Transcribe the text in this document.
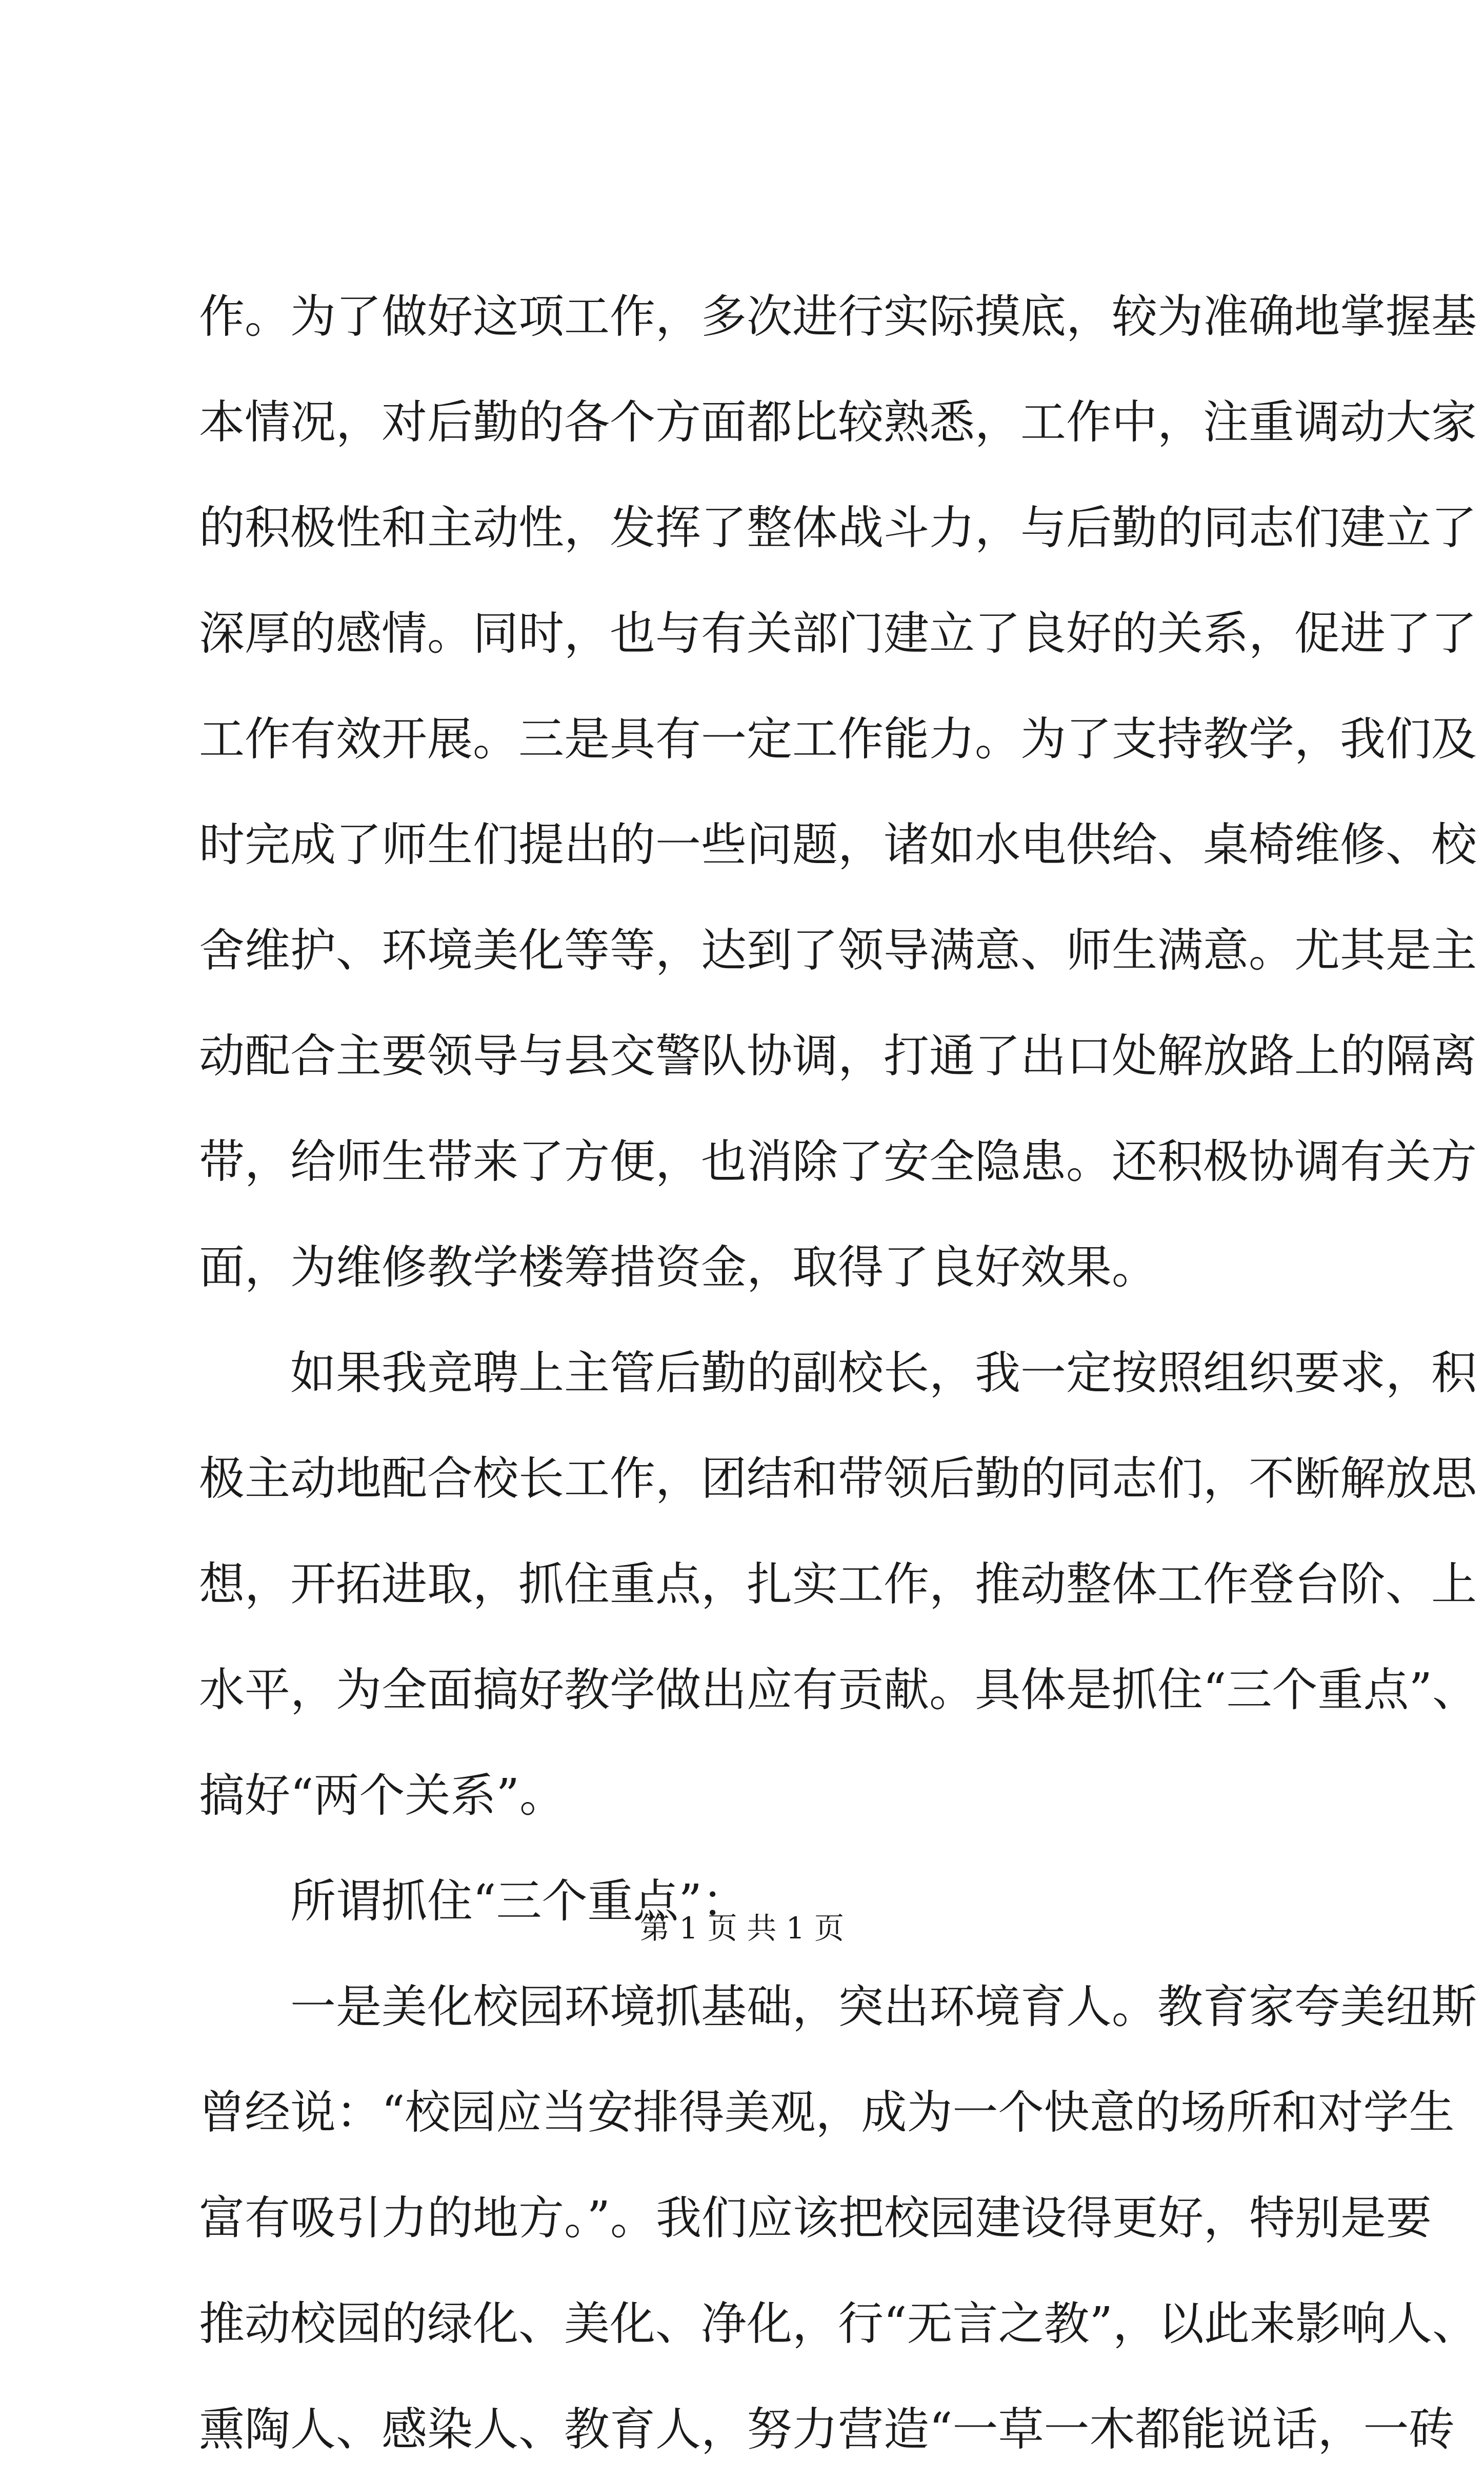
作。为了做好这项工作，多次进行实际摸底，较为准确地掌握基
本情况，对后勤的各个方面都比较熟悉，工作中，注重调动大家
的积极性和主动性，发挥了整体战斗力，与后勤的同志们建立了
深厚的感情。同时，也与有关部门建立了良好的关系，促进了了
工作有效开展。三是具有一定工作能力。为了支持教学，我们及
时完成了师生们提出的一些问题，诸如水电供给、桌椅维修、校
舍维护、环境美化等等，达到了领导满意、师生满意。尤其是主
动配合主要领导与县交警队协调，打通了出口处解放路上的隔离
带，给师生带来了方便，也消除了安全隐患。还积极协调有关方
面，为维修教学楼筹措资金，取得了良好效果。
如果我竞聘上主管后勤的副校长，我一定按照组织要求，积
极主动地配合校长工作，团结和带领后勤的同志们，不断解放思
想，开拓进取，抓住重点，扎实工作，推动整体工作登台阶、上
水平，为全面搞好教学做出应有贡献。具体是抓住“三个重点”、
搞好“两个关系”。
所谓抓住“三个重点”：
一是美化校园环境抓基础，突出环境育人。教育家夸美纽斯
曾经说：“校园应当安排得美观，成为一个快意的场所和对学生
富有吸引力的地方。”。我们应该把校园建设得更好，特别是要
推动校园的绿化、美化、净化，行“无言之教”，以此来影响人、
熏陶人、感染人、教育人，努力营造“一草一木都能说话，一砖
第 1 页 共 1 页
